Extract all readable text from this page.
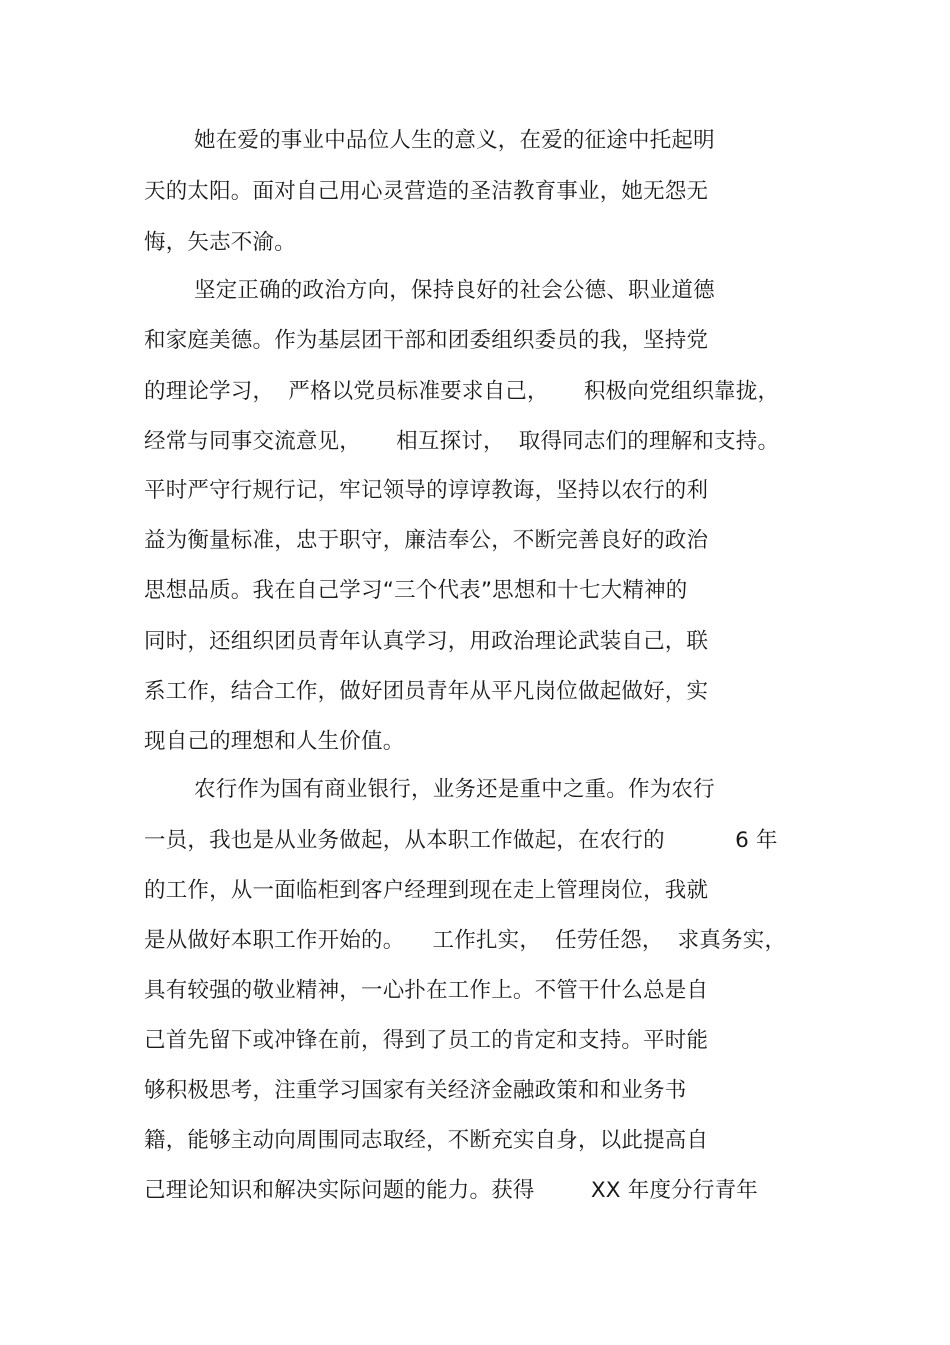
她在爱的事业中品位人生的意义，在爱的征途中托起明
天的太阳。面对自己用心灵营造的圣洁教育事业，她无怨无
悔，矢志不渝。
坚定正确的政治方向，保持良好的社会公德、职业道德
和家庭美德。作为基层团干部和团委组织委员的我，坚持党
的理论学习，  严格以党员标准要求自己，     积极向党组织靠拢，
经常与同事交流意见，     相互探讨，  取得同志们的理解和支持。
平时严守行规行记，牢记领导的谆谆教诲，坚持以农行的利
益为衡量标准，忠于职守，廉洁奉公，不断完善良好的政治
思想品质。我在自己学习“三个代表”思想和十七大精神的
同时，还组织团员青年认真学习，用政治理论武装自己，联
系工作，结合工作，做好团员青年从平凡岗位做起做好，实
现自己的理想和人生价值。
农行作为国有商业银行，业务还是重中之重。作为农行
一员，我也是从业务做起，从本职工作做起，在农行的          6 年
的工作，从一面临柜到客户经理到现在走上管理岗位，我就
是从做好本职工作开始的。    工作扎实，  任劳任怨，  求真务实，
具有较强的敬业精神，一心扑在工作上。不管干什么总是自
己首先留下或冲锋在前，得到了员工的肯定和支持。平时能
够积极思考，注重学习国家有关经济金融政策和和业务书
籍，能够主动向周围同志取经，不断充实自身，以此提高自
己理论知识和解决实际问题的能力。获得        XX 年度分行青年
